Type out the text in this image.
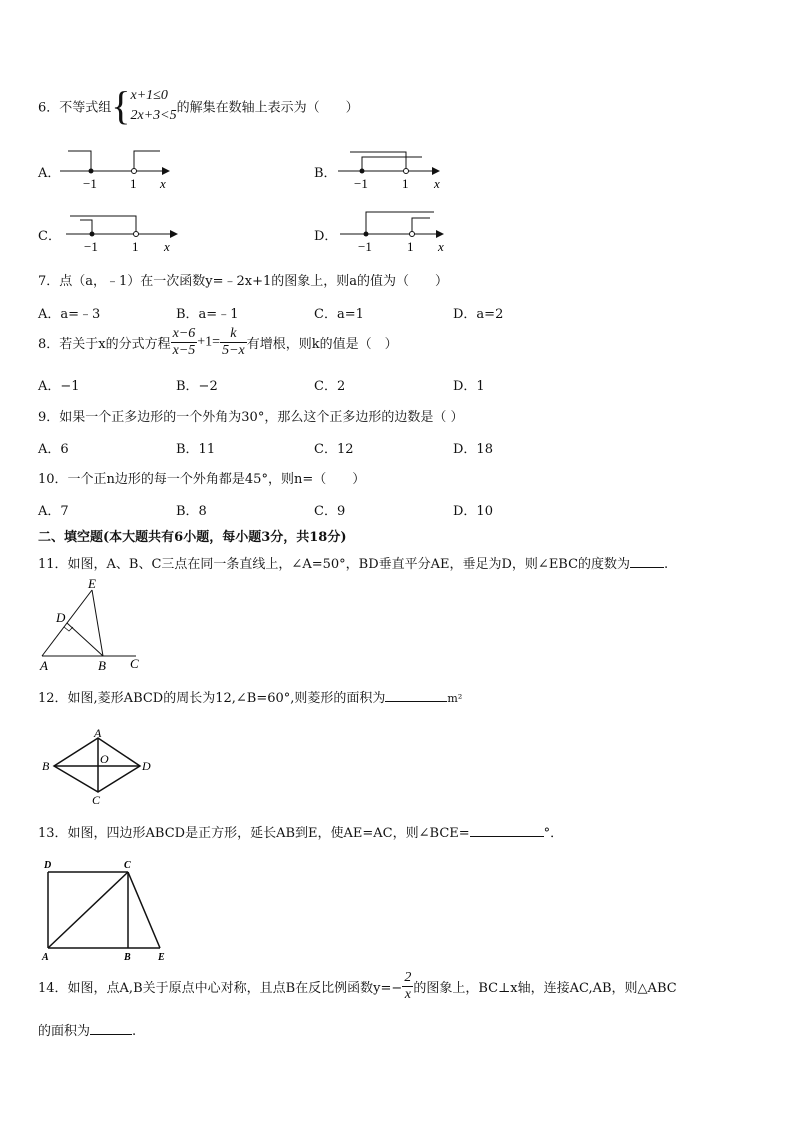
6．不等式组{ x+1≤0
2x+3<5 的解集在数轴上表示为（　　）
A．
−1	1 x
B．
−1	1 x
C．
−1	1 x
D．
−1	1 x
7．点（a，﹣1）在一次函数y=﹣2x+1的图象上，则a的值为（　　）
A．a=﹣3	B．a=﹣1	C．a=1	D．a=2
8．若关于x的分式方程 $\frac{x-6}{x-5} +1= \frac{k}{5-x}$ 有增根，则k的值是（　）
A．−1	B．−2	C．2	D．1
9．如果一个正多边形的一个外角为30°，那么这个正多边形的边数是（ ）
A．6	B．11	C．12	D．18
10．一个正n边形的每一个外角都是45°，则n=（　　）
A．7	B．8	C．9	D．10
二、填空题(本大题共有6小题，每小题3分，共18分)
11．如图，A、B、C三点在同一条直线上，∠A=50°，BD垂直平分AE，垂足为D，则∠EBC的度数为	.
A	B C
D
E
12．如图,菱形ABCD的周长为12,∠B=60°,则菱形的面积为	m²
A
B
C
D
O
13．如图，四边形ABCD是正方形，延长AB到E，使AE=AC，则∠BCE=	°．
D	C
A	B	E
14．如图，点A,B关于原点中心对称，且点B在反比例函数$y=- \frac{2}{x}$ 的图象上，BC⊥x轴，连接AC,AB，则△ABC
的面积为	.
